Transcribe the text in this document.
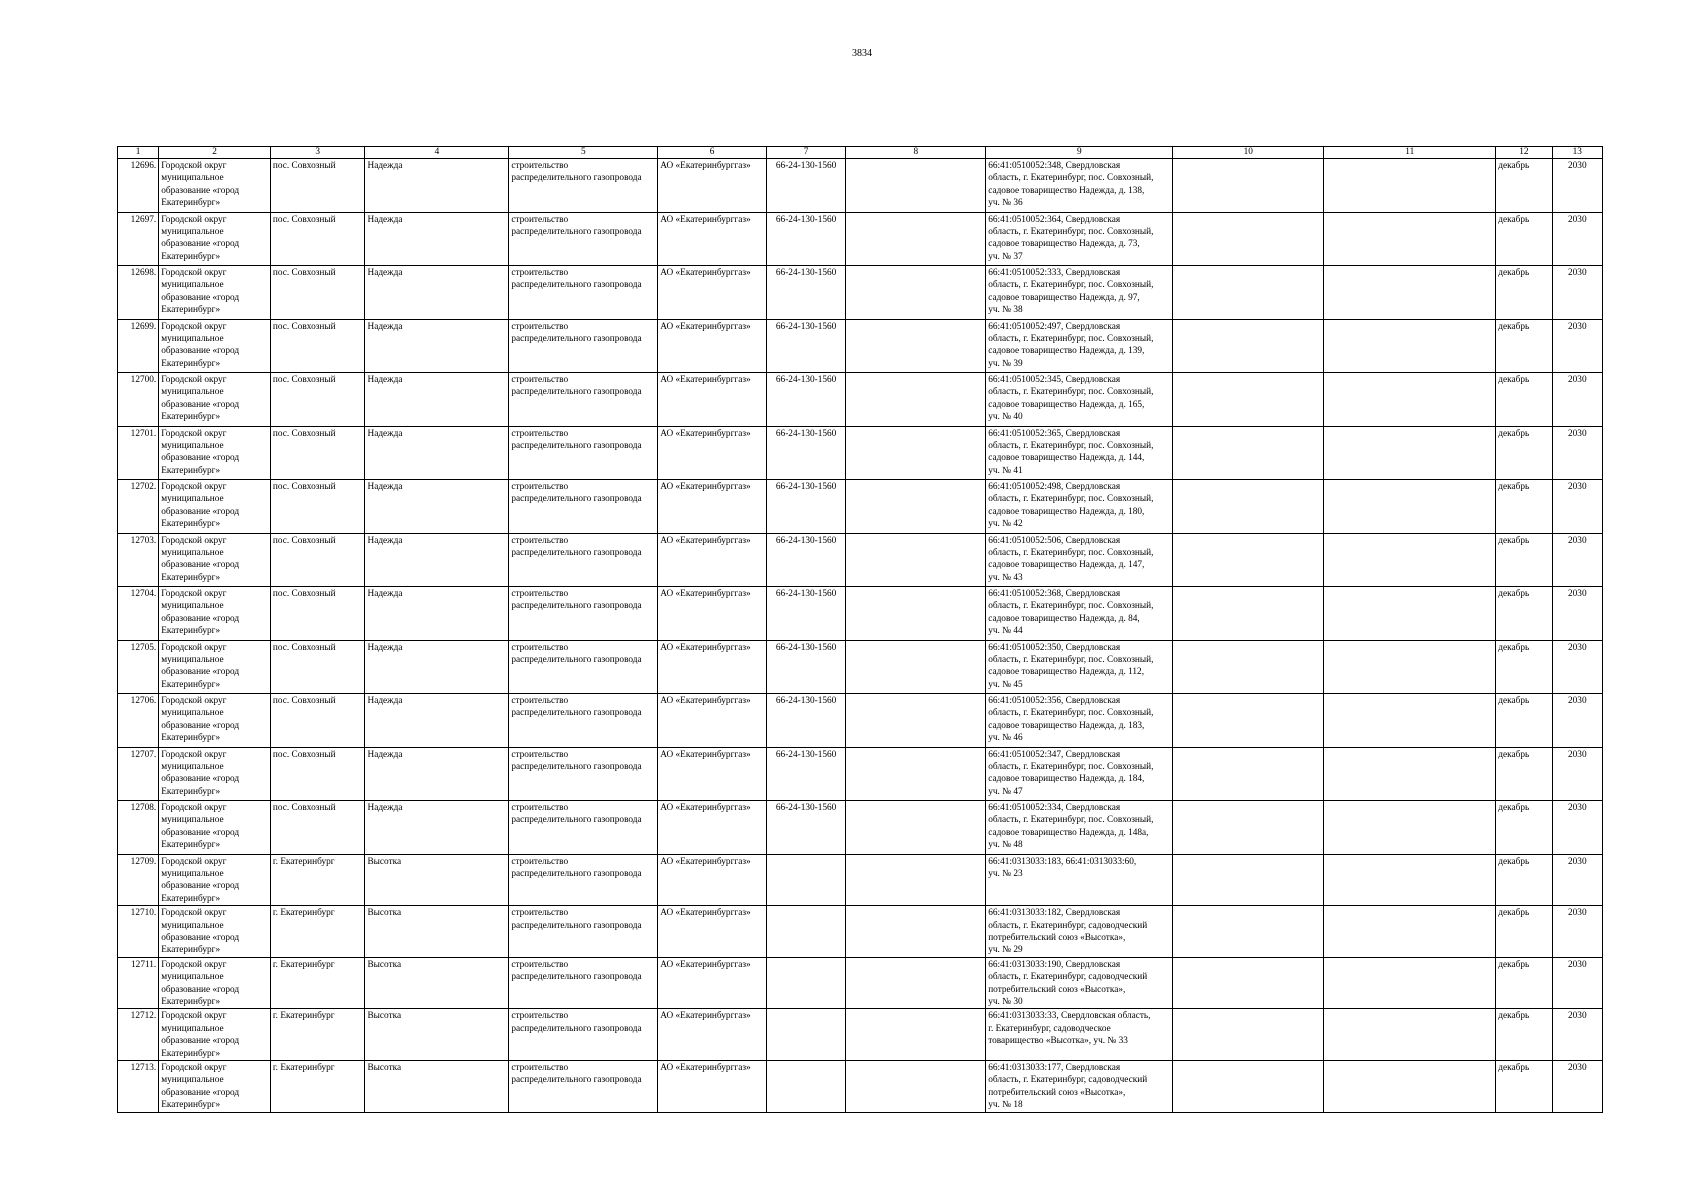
3834
1	2	3	4	5	6	7	8	9	10	11	12	13
12696.	Городской округ
муниципальное
образование «город
Екатеринбург»	пос. Совхозный	Надежда	строительство
распределительного газопровода	АО «Екатеринбурггаз»	66-24-130-1560		66:41:0510052:348, Свердловская
область, г. Екатеринбург, пос. Совхозный,
садовое товарищество Надежда, д. 138,
уч. № 36			декабрь	2030
12697.	Городской округ
муниципальное
образование «город
Екатеринбург»	пос. Совхозный	Надежда	строительство
распределительного газопровода	АО «Екатеринбурггаз»	66-24-130-1560		66:41:0510052:364, Свердловская
область, г. Екатеринбург, пос. Совхозный,
садовое товарищество Надежда, д. 73,
уч. № 37			декабрь	2030
12698.	Городской округ
муниципальное
образование «город
Екатеринбург»	пос. Совхозный	Надежда	строительство
распределительного газопровода	АО «Екатеринбурггаз»	66-24-130-1560		66:41:0510052:333, Свердловская
область, г. Екатеринбург, пос. Совхозный,
садовое товарищество Надежда, д. 97,
уч. № 38			декабрь	2030
12699.	Городской округ
муниципальное
образование «город
Екатеринбург»	пос. Совхозный	Надежда	строительство
распределительного газопровода	АО «Екатеринбурггаз»	66-24-130-1560		66:41:0510052:497, Свердловская
область, г. Екатеринбург, пос. Совхозный,
садовое товарищество Надежда, д. 139,
уч. № 39			декабрь	2030
12700.	Городской округ
муниципальное
образование «город
Екатеринбург»	пос. Совхозный	Надежда	строительство
распределительного газопровода	АО «Екатеринбурггаз»	66-24-130-1560		66:41:0510052:345, Свердловская
область, г. Екатеринбург, пос. Совхозный,
садовое товарищество Надежда, д. 165,
уч. № 40			декабрь	2030
12701.	Городской округ
муниципальное
образование «город
Екатеринбург»	пос. Совхозный	Надежда	строительство
распределительного газопровода	АО «Екатеринбурггаз»	66-24-130-1560		66:41:0510052:365, Свердловская
область, г. Екатеринбург, пос. Совхозный,
садовое товарищество Надежда, д. 144,
уч. № 41			декабрь	2030
12702.	Городской округ
муниципальное
образование «город
Екатеринбург»	пос. Совхозный	Надежда	строительство
распределительного газопровода	АО «Екатеринбурггаз»	66-24-130-1560		66:41:0510052:498, Свердловская
область, г. Екатеринбург, пос. Совхозный,
садовое товарищество Надежда, д. 180,
уч. № 42			декабрь	2030
12703.	Городской округ
муниципальное
образование «город
Екатеринбург»	пос. Совхозный	Надежда	строительство
распределительного газопровода	АО «Екатеринбурггаз»	66-24-130-1560		66:41:0510052:506, Свердловская
область, г. Екатеринбург, пос. Совхозный,
садовое товарищество Надежда, д. 147,
уч. № 43			декабрь	2030
12704.	Городской округ
муниципальное
образование «город
Екатеринбург»	пос. Совхозный	Надежда	строительство
распределительного газопровода	АО «Екатеринбурггаз»	66-24-130-1560		66:41:0510052:368, Свердловская
область, г. Екатеринбург, пос. Совхозный,
садовое товарищество Надежда, д. 84,
уч. № 44			декабрь	2030
12705.	Городской округ
муниципальное
образование «город
Екатеринбург»	пос. Совхозный	Надежда	строительство
распределительного газопровода	АО «Екатеринбурггаз»	66-24-130-1560		66:41:0510052:350, Свердловская
область, г. Екатеринбург, пос. Совхозный,
садовое товарищество Надежда, д. 112,
уч. № 45			декабрь	2030
12706.	Городской округ
муниципальное
образование «город
Екатеринбург»	пос. Совхозный	Надежда	строительство
распределительного газопровода	АО «Екатеринбурггаз»	66-24-130-1560		66:41:0510052:356, Свердловская
область, г. Екатеринбург, пос. Совхозный,
садовое товарищество Надежда, д. 183,
уч. № 46			декабрь	2030
12707.	Городской округ
муниципальное
образование «город
Екатеринбург»	пос. Совхозный	Надежда	строительство
распределительного газопровода	АО «Екатеринбурггаз»	66-24-130-1560		66:41:0510052:347, Свердловская
область, г. Екатеринбург, пос. Совхозный,
садовое товарищество Надежда, д. 184,
уч. № 47			декабрь	2030
12708.	Городской округ
муниципальное
образование «город
Екатеринбург»	пос. Совхозный	Надежда	строительство
распределительного газопровода	АО «Екатеринбурггаз»	66-24-130-1560		66:41:0510052:334, Свердловская
область, г. Екатеринбург, пос. Совхозный,
садовое товарищество Надежда, д. 148а,
уч. № 48			декабрь	2030
12709.	Городской округ
муниципальное
образование «город
Екатеринбург»	г. Екатеринбург	Высотка	строительство
распределительного газопровода	АО «Екатеринбурггаз»			66:41:0313033:183, 66:41:0313033:60,
уч. № 23			декабрь	2030
12710.	Городской округ
муниципальное
образование «город
Екатеринбург»	г. Екатеринбург	Высотка	строительство
распределительного газопровода	АО «Екатеринбурггаз»			66:41:0313033:182, Свердловская
область, г. Екатеринбург, садоводческий
потребительский союз «Высотка»,
уч. № 29			декабрь	2030
12711.	Городской округ
муниципальное
образование «город
Екатеринбург»	г. Екатеринбург	Высотка	строительство
распределительного газопровода	АО «Екатеринбурггаз»			66:41:0313033:190, Свердловская
область, г. Екатеринбург, садоводческий
потребительский союз «Высотка»,
уч. № 30			декабрь	2030
12712.	Городской округ
муниципальное
образование «город
Екатеринбург»	г. Екатеринбург	Высотка	строительство
распределительного газопровода	АО «Екатеринбурггаз»			66:41:0313033:33, Свердловская область,
г. Екатеринбург, садоводческое
товарищество «Высотка», уч. № 33			декабрь	2030
12713.	Городской округ
муниципальное
образование «город
Екатеринбург»	г. Екатеринбург	Высотка	строительство
распределительного газопровода	АО «Екатеринбурггаз»			66:41:0313033:177, Свердловская
область, г. Екатеринбург, садоводческий
потребительский союз «Высотка»,
уч. № 18			декабрь	2030
